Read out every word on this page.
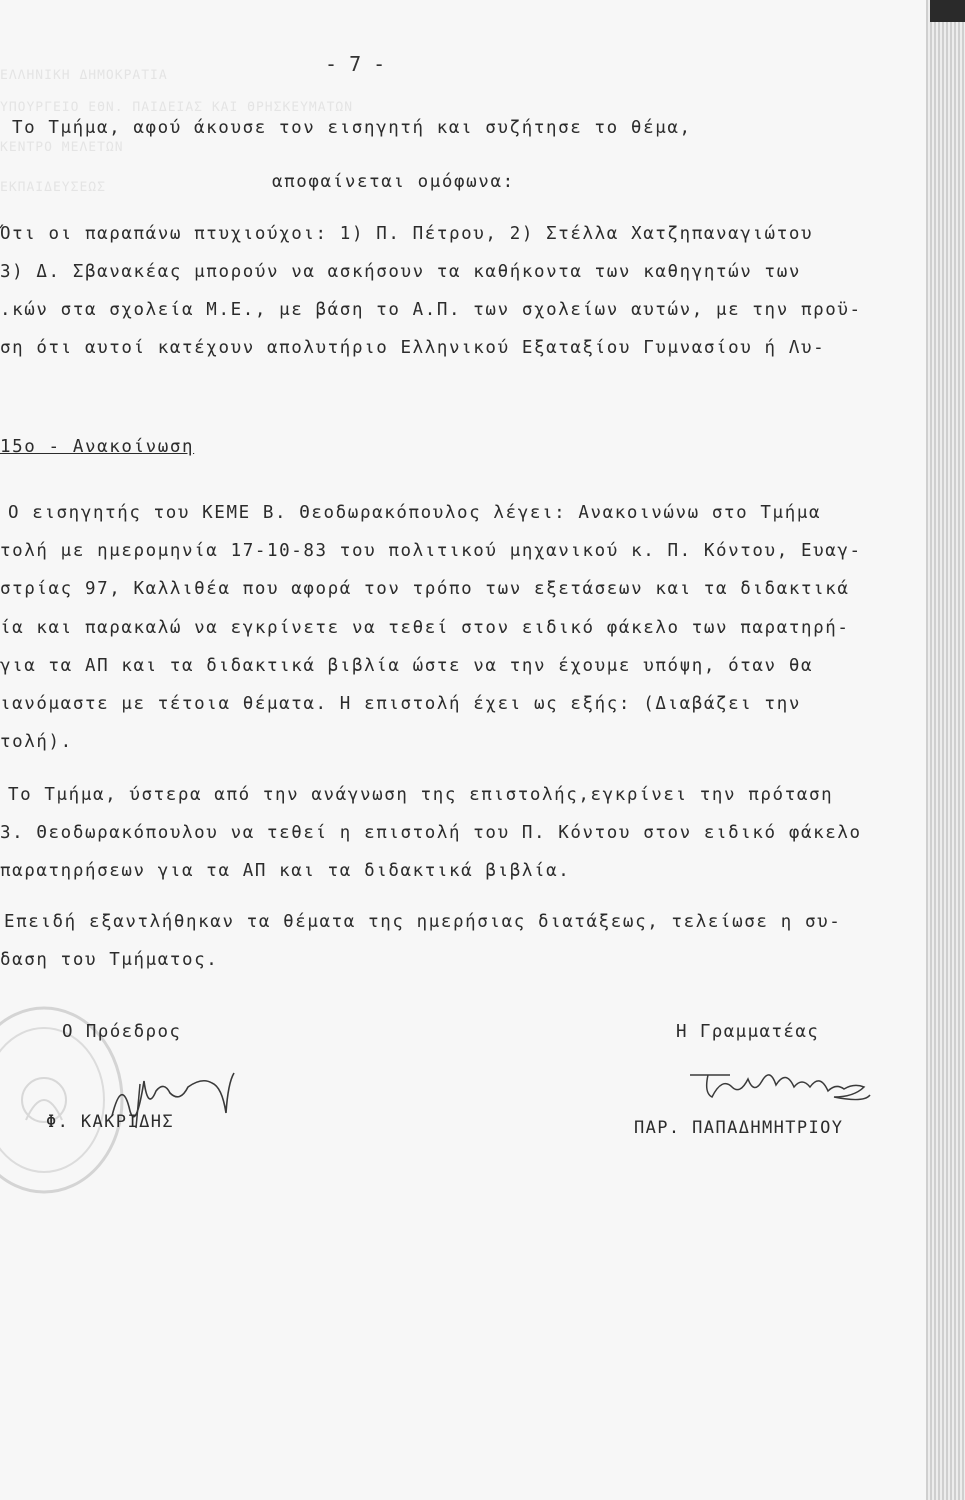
ΕΛΛΗΝΙΚΗ ΔΗΜΟΚΡΑΤΙΑ
ΥΠΟΥΡΓΕΙΟ ΕΘΝ. ΠΑΙΔΕΙΑΣ ΚΑΙ ΘΡΗΣΚΕΥΜΑΤΩΝ
ΚΕΝΤΡΟ ΜΕΛΕΤΩΝ
ΕΚΠΑΙΔΕΥΣΕΩΣ
- 7 -
Το Τμήμα, αφού άκουσε τον εισηγητή και συζήτησε το θέμα,
αποφαίνεται ομόφωνα:
Ότι οι παραπάνω πτυχιούχοι: 1) Π. Πέτρου, 2) Στέλλα Χατζηπαναγιώτου
3) Δ. Σβανακέας μπορούν να ασκήσουν τα καθήκοντα των καθηγητών των
.κών στα σχολεία Μ.Ε., με βάση το Α.Π. των σχολείων αυτών, με την προϋ-
ση ότι αυτοί κατέχουν απολυτήριο Ελληνικού Εξαταξίου Γυμνασίου ή Λυ-
15ο - Ανακοίνωση
Ο εισηγητής του ΚΕΜΕ Β. Θεοδωρακόπουλος λέγει: Ανακοινώνω στο Τμήμα
τολή με ημερομηνία 17-10-83 του πολιτικού μηχανικού κ. Π. Κόντου, Ευαγ-
στρίας 97, Καλλιθέα που αφορά τον τρόπο των εξετάσεων και τα διδακτικά
ία και παρακαλώ να εγκρίνετε να τεθεί στον ειδικό φάκελο των παρατηρή-
για τα ΑΠ και τα διδακτικά βιβλία ώστε να την έχουμε υπόψη, όταν θα
ιανόμαστε με τέτοια θέματα. Η επιστολή έχει ως εξής: (Διαβάζει την
τολή).
Το Τμήμα, ύστερα από την ανάγνωση της επιστολής,εγκρίνει την πρόταση
3. Θεοδωρακόπουλου να τεθεί η επιστολή του Π. Κόντου στον ειδικό φάκελο
παρατηρήσεων για τα ΑΠ και τα διδακτικά βιβλία.
Επειδή εξαντλήθηκαν τα θέματα της ημερήσιας διατάξεως, τελείωσε η συ-
δαση του Τμήματος.
Ο Πρόεδρος	Η Γραμματέας
Φ. ΚΑΚΡΙΔΗΣ	ΠΑΡ. ΠΑΠΑΔΗΜΗΤΡΙΟΥ
